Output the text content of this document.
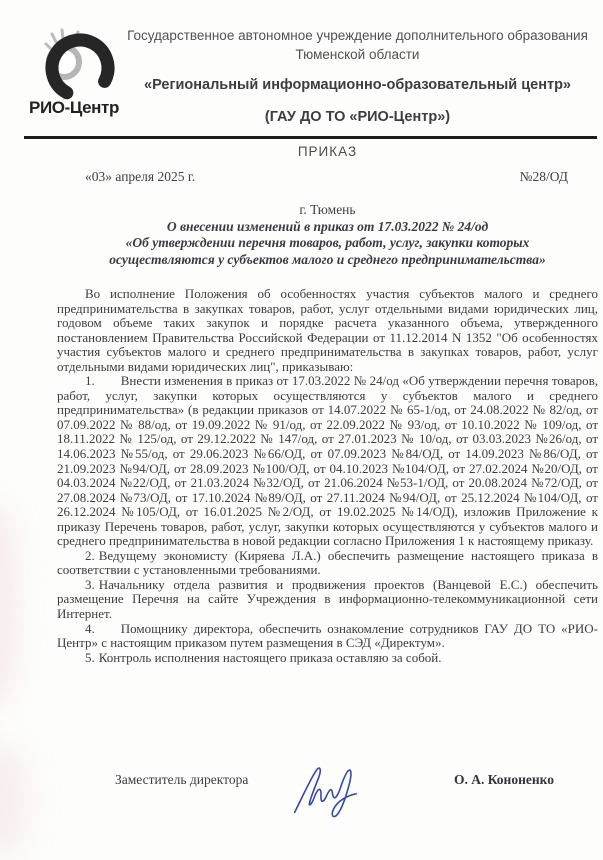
РИО-Центр
Государственное автономное учреждение дополнительного образования
Тюменской области
«Региональный информационно-образовательный центр»
(ГАУ ДО ТО «РИО-Центр»)
ПРИКАЗ
«03» апреля 2025 г.	№28/ОД
г. Тюмень
О внесении изменений в приказ от 17.03.2022 № 24/од
«Об утверждении перечня товаров, работ, услуг, закупки которых
осуществляются у субъектов малого и среднего предпринимательства»

Во исполнение Положения об особенностях участия субъектов малого и среднего предпринимательства в закупках товаров, работ, услуг отдельными видами юридических лиц, годовом объеме таких закупок и порядке расчета указанного объема, утвержденного постановлением Правительства Российской Федерации от 11.12.2014 N 1352 "Об особенностях участия субъектов малого и среднего предпринимательства в закупках товаров, работ, услуг отдельными видами юридических лиц", приказываю:

1. Внести изменения в приказ от 17.03.2022 № 24/од «Об утверждении перечня товаров, работ, услуг, закупки которых осуществляются у субъектов малого и среднего предпринимательства» (в редакции приказов от 14.07.2022 № 65-1/од, от 24.08.2022 № 82/од, от 07.09.2022 № 88/од, от 19.09.2022 № 91/од, от 22.09.2022 № 93/од, от 10.10.2022 № 109/од, от 18.11.2022 № 125/од, от 29.12.2022 № 147/од, от 27.01.2023 № 10/од, от 03.03.2023 №26/од, от 14.06.2023 №55/од, от 29.06.2023 №66/ОД, от 07.09.2023 №84/ОД, от 14.09.2023 №86/ОД, от 21.09.2023 №94/ОД, от 28.09.2023 №100/ОД, от 04.10.2023 №104/ОД, от 27.02.2024 №20/ОД, от 04.03.2024 №22/ОД, от 21.03.2024 №32/ОД, от 21.06.2024 №53-1/ОД, от 20.08.2024 №72/ОД, от 27.08.2024 №73/ОД, от 17.10.2024 №89/ОД, от 27.11.2024 №94/ОД, от 25.12.2024 №104/ОД, от 26.12.2024 №105/ОД, от 16.01.2025 №2/ОД, от 19.02.2025 №14/ОД), изложив Приложение к приказу Перечень товаров, работ, услуг, закупки которых осуществляются у субъектов малого и среднего предпринимательства в новой редакции согласно Приложения 1 к настоящему приказу.

2. Ведущему экономисту (Киряева Л.А.) обеспечить размещение настоящего приказа в соответствии с установленными требованиями.

3. Начальнику отдела развития и продвижения проектов (Ванцевой Е.С.) обеспечить размещение Перечня на сайте Учреждения в информационно-телекоммуникационной сети Интернет.

4. Помощнику директора, обеспечить ознакомление сотрудников ГАУ ДО ТО «РИО-Центр» с настоящим приказом путем размещения в СЭД «Директум».

5. Контроль исполнения настоящего приказа оставляю за собой.

Заместитель директора	О. А. Кононенко
